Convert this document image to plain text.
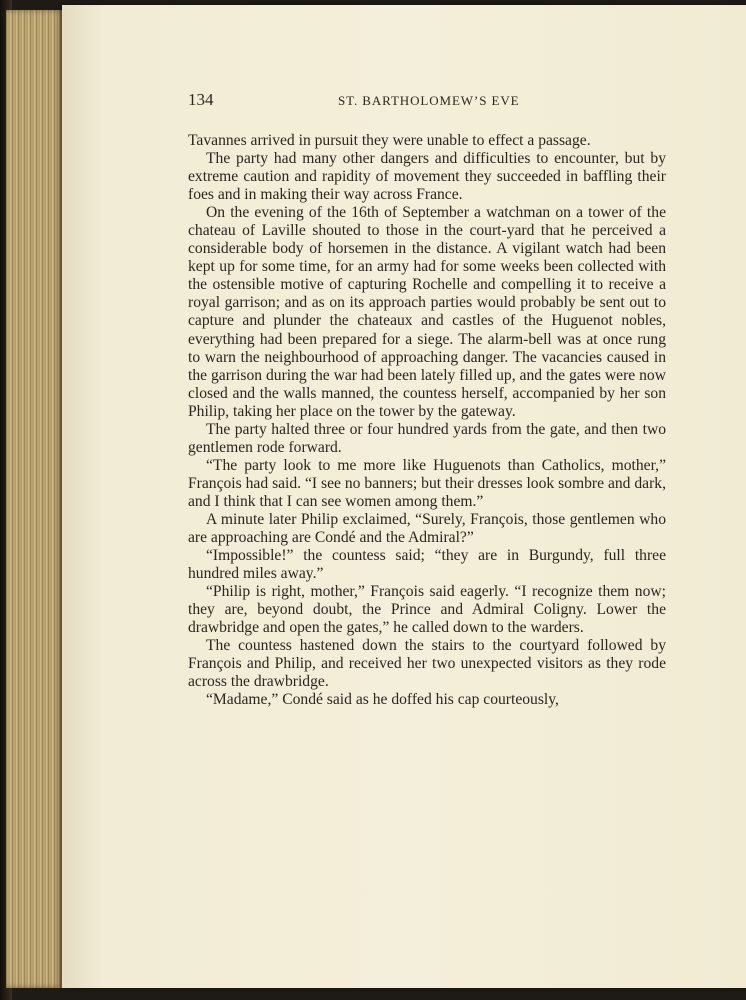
134	ST. BARTHOLOMEW’S EVE

Tavannes arrived in pursuit they were unable to effect a passage.

The party had many other dangers and difficulties to encounter, but by extreme caution and rapidity of movement they succeeded in baffling their foes and in making their way across France.

On the evening of the 16th of September a watchman on a tower of the chateau of Laville shouted to those in the court-yard that he perceived a considerable body of horsemen in the distance. A vigilant watch had been kept up for some time, for an army had for some weeks been collected with the ostensible motive of capturing Rochelle and compelling it to receive a royal garrison; and as on its approach parties would probably be sent out to capture and plunder the chateaux and castles of the Huguenot nobles, everything had been prepared for a siege. The alarm-bell was at once rung to warn the neighbourhood of approaching danger. The vacancies caused in the garrison during the war had been lately filled up, and the gates were now closed and the walls manned, the countess herself, accompanied by her son Philip, taking her place on the tower by the gateway.

The party halted three or four hundred yards from the gate, and then two gentlemen rode forward.

“The party look to me more like Huguenots than Catholics, mother,” François had said. “I see no banners; but their dresses look sombre and dark, and I think that I can see women among them.”

A minute later Philip exclaimed, “Surely, François, those gentlemen who are approaching are Condé and the Admiral?”

“Impossible!” the countess said; “they are in Burgundy, full three hundred miles away.”

“Philip is right, mother,” François said eagerly. “I recognize them now; they are, beyond doubt, the Prince and Admiral Coligny. Lower the drawbridge and open the gates,” he called down to the warders.

The countess hastened down the stairs to the courtyard followed by François and Philip, and received her two unexpected visitors as they rode across the drawbridge.

“Madame,” Condé said as he doffed his cap courteously,
